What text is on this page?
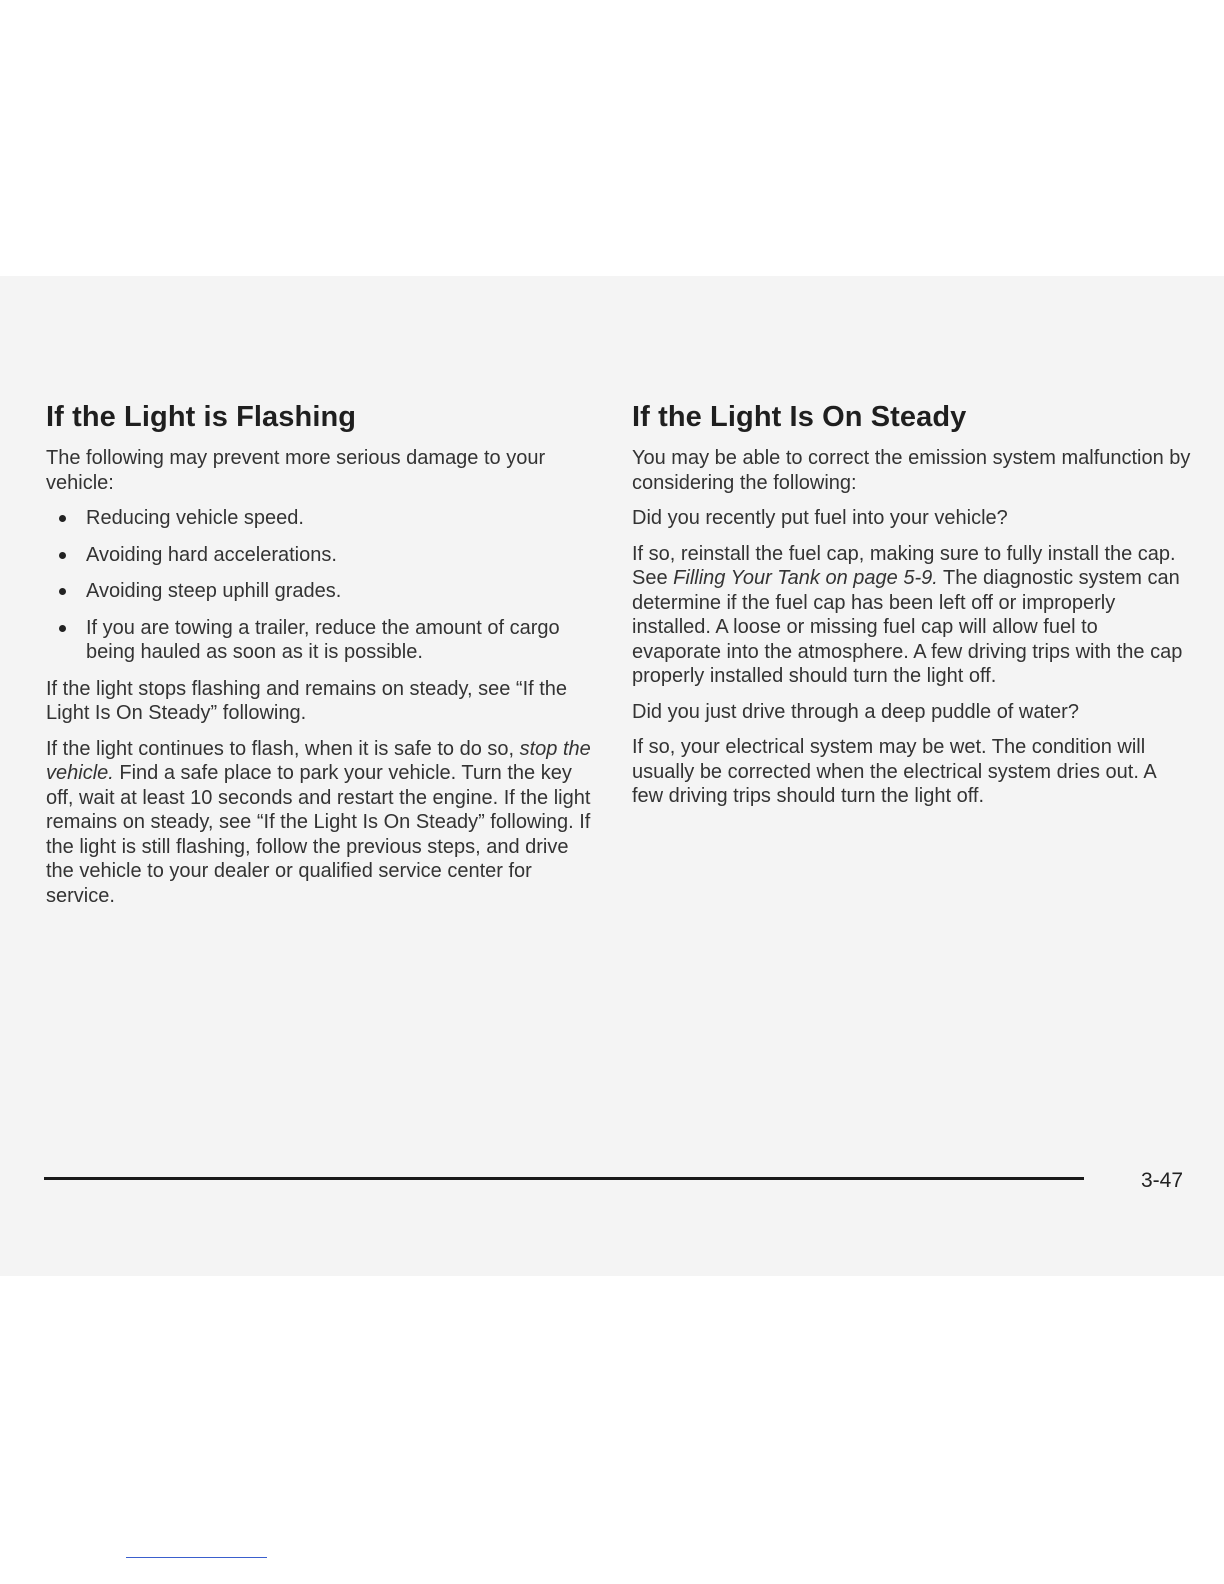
If the Light is Flashing

The following may prevent more serious damage to your vehicle:

Reducing vehicle speed.
Avoiding hard accelerations.
Avoiding steep uphill grades.
If you are towing a trailer, reduce the amount of cargo being hauled as soon as it is possible.

If the light stops flashing and remains on steady, see “If the Light Is On Steady” following.

If the light continues to flash, when it is safe to do so, stop the vehicle. Find a safe place to park your vehicle. Turn the key off, wait at least 10 seconds and restart the engine. If the light remains on steady, see “If the Light Is On Steady” following. If the light is still flashing, follow the previous steps, and drive the vehicle to your dealer or qualified service center for service.

If the Light Is On Steady

You may be able to correct the emission system malfunction by considering the following:

Did you recently put fuel into your vehicle?

If so, reinstall the fuel cap, making sure to fully install the cap. See Filling Your Tank on page 5-9. The diagnostic system can determine if the fuel cap has been left off or improperly installed. A loose or missing fuel cap will allow fuel to evaporate into the atmosphere. A few driving trips with the cap properly installed should turn the light off.

Did you just drive through a deep puddle of water?

If so, your electrical system may be wet. The condition will usually be corrected when the electrical system dries out. A few driving trips should turn the light off.

3-47
